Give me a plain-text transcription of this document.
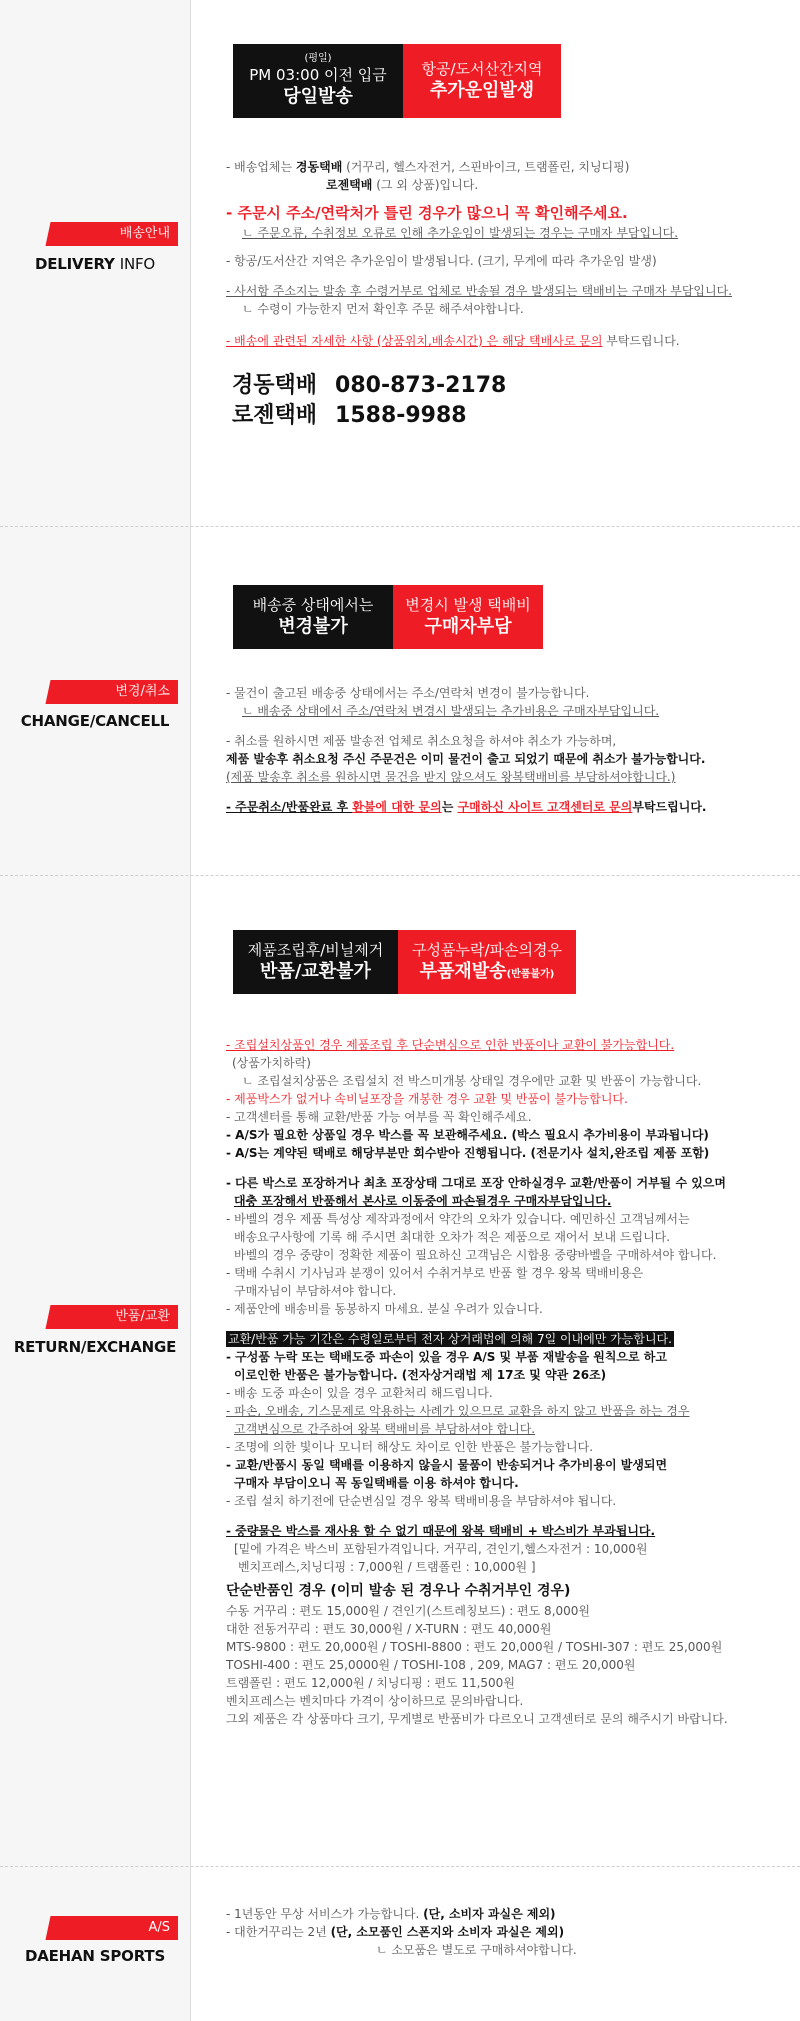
배송안내
DELIVERY INFO
(평일)
PM 03:00 이전 입금
당일발송
항공/도서산간지역
추가운임발생
- 배송업체는 경동택배 (거꾸리, 헬스자전거, 스핀바이크, 트램폴린, 치닝디핑)
로젠택배 (그 외 상품)입니다.
- 주문시 주소/연락처가 틀린 경우가 많으니 꼭 확인해주세요.
ㄴ 주문오류, 수취정보 오류로 인해 추가운임이 발생되는 경우는 구매자 부담입니다.
- 항공/도서산간 지역은 추가운임이 발생됩니다. (크기, 무게에 따라 추가운임 발생)
- 사서함 주소지는 발송 후 수령거부로 업체로 반송될 경우 발생되는 택배비는 구매자 부담입니다.
ㄴ 수령이 가능한지 먼저 확인후 주문 해주셔야합니다.
- 배송에 관련된 자세한 사항 (상품위치,배송시간) 은 해당 택배사로 문의 부탁드립니다.
경동택배 080-873-2178
로젠택배 1588-9988
변경/취소
CHANGE/CANCELL
배송중 상태에서는
변경불가
변경시 발생 택배비
구매자부담
- 물건이 출고된 배송중 상태에서는 주소/연락처 변경이 불가능합니다.
ㄴ 배송중 상태에서 주소/연락처 변경시 발생되는 추가비용은 구매자부담입니다.
- 취소를 원하시면 제품 발송전 업체로 취소요청을 하셔야 취소가 가능하며,
제품 발송후 취소요청 주신 주문건은 이미 물건이 출고 되었기 때문에 취소가 불가능합니다.
(제품 발송후 취소를 원하시면 물건을 받지 않으셔도 왕복택배비를 부담하셔야합니다.)
- 주문취소/반품완료 후 환불에 대한 문의는 구매하신 사이트 고객센터로 문의부탁드립니다.
반품/교환
RETURN/EXCHANGE
제품조립후/비닐제거
반품/교환불가
구성품누락/파손의경우
부품재발송(반품불가)
- 조립설치상품인 경우 제품조립 후 단순변심으로 인한 반품이나 교환이 불가능합니다.
(상품가치하락)
ㄴ 조립설치상품은 조립설치 전 박스미개봉 상태일 경우에만 교환 및 반품이 가능합니다.
- 제품박스가 없거나 속비닐포장을 개봉한 경우 교환 및 반품이 불가능합니다.
- 고객센터를 통해 교환/반품 가능 여부를 꼭 확인해주세요.
- A/S가 필요한 상품일 경우 박스를 꼭 보관해주세요. (박스 필요시 추가비용이 부과됩니다)
- A/S는 계약된 택배로 해당부분만 회수받아 진행됩니다. (전문기사 설치,완조립 제품 포함)
- 다른 박스로 포장하거나 최초 포장상태 그대로 포장 안하실경우 교환/반품이 거부될 수 있으며
대충 포장해서 반품해서 본사로 이동중에 파손될경우 구매자부담입니다.
- 바벨의 경우 제품 특성상 제작과정에서 약간의 오차가 있습니다. 예민하신 고객님께서는
배송요구사항에 기록 해 주시면 최대한 오차가 적은 제품으로 재어서 보내 드립니다.
바벨의 경우 중량이 정확한 제품이 필요하신 고객님은 시합용 중량바벨을 구매하셔야 합니다.
- 택배 수취시 기사님과 분쟁이 있어서 수취거부로 반품 할 경우 왕복 택배비용은
구매자님이 부담하셔야 합니다.
- 제품안에 배송비를 동봉하지 마세요. 분실 우려가 있습니다.
교환/반품 가능 기간은 수령일로부터 전자 상거래법에 의해 7일 이내에만 가능합니다.
- 구성품 누락 또는 택배도중 파손이 있을 경우 A/S 및 부품 재발송을 원칙으로 하고
이로인한 반품은 불가능합니다. (전자상거래법 제 17조 및 약관 26조)
- 배송 도중 파손이 있을 경우 교환처리 해드립니다.
- 파손, 오배송, 기스문제로 악용하는 사례가 있으므로 교환을 하지 않고 반품을 하는 경우
고객변심으로 간주하여 왕복 택배비를 부담하셔야 합니다.
- 조명에 의한 빛이나 모니터 해상도 차이로 인한 반품은 불가능합니다.
- 교환/반품시 동일 택배를 이용하지 않을시 물품이 반송되거나 추가비용이 발생되면
구매자 부담이오니 꼭 동일택배를 이용 하셔야 합니다.
- 조립 설치 하기전에 단순변심일 경우 왕복 택배비용을 부담하셔야 됩니다.
- 중량물은 박스를 재사용 할 수 없기 때문에 왕복 택배비 + 박스비가 부과됩니다.
[밑에 가격은 박스비 포함된가격입니다. 거꾸리, 견인기,헬스자전거 : 10,000원
벤치프레스,치닝디핑 : 7,000원 / 트램폴린 : 10,000원 ]
단순반품인 경우 (이미 발송 된 경우나 수취거부인 경우)
수동 거꾸리 : 편도 15,000원 / 견인기(스트레칭보드) : 편도 8,000원
대한 전동거꾸리 : 편도 30,000원 / X-TURN : 편도 40,000원
MTS-9800 : 편도 20,000원 / TOSHI-8800 : 편도 20,000원 / TOSHI-307 : 편도 25,000원
TOSHI-400 : 편도 25,0000원 / TOSHI-108 , 209, MAG7 : 편도 20,000원
트램폴린 : 편도 12,000원 / 치닝디핑 : 편도 11,500원
벤치프레스는 벤치마다 가격이 상이하므로 문의바랍니다.
그외 제품은 각 상품마다 크기, 무게별로 반품비가 다르오니 고객센터로 문의 해주시기 바랍니다.
A/S
DAEHAN SPORTS
- 1년동안 무상 서비스가 가능합니다. (단, 소비자 과실은 제외)
- 대한거꾸리는 2년 (단, 소모품인 스폰지와 소비자 과실은 제외)
ㄴ 소모품은 별도로 구매하셔야합니다.
